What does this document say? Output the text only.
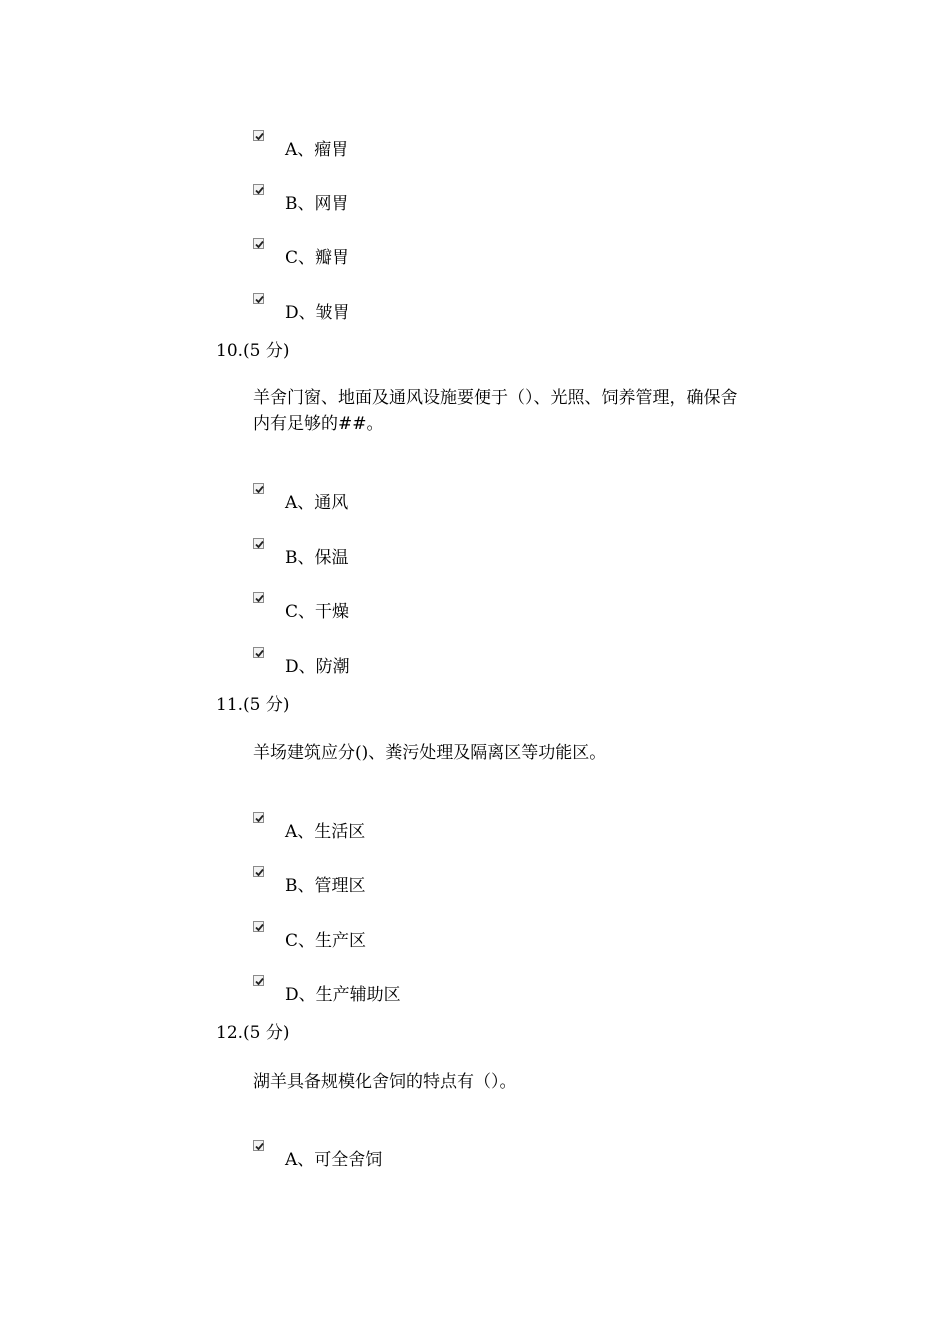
A、瘤胃
B、网胃
C、瓣胃
D、皱胃
10.(5 分)
羊舍门窗、地面及通风设施要便于（）、光照、饲养管理，确保舍
内有足够的##。
A、通风
B、保温
C、干燥
D、防潮
11.(5 分)
羊场建筑应分()、粪污处理及隔离区等功能区。
A、生活区
B、管理区
C、生产区
D、生产辅助区
12.(5 分)
湖羊具备规模化舍饲的特点有（）。
A、可全舍饲
